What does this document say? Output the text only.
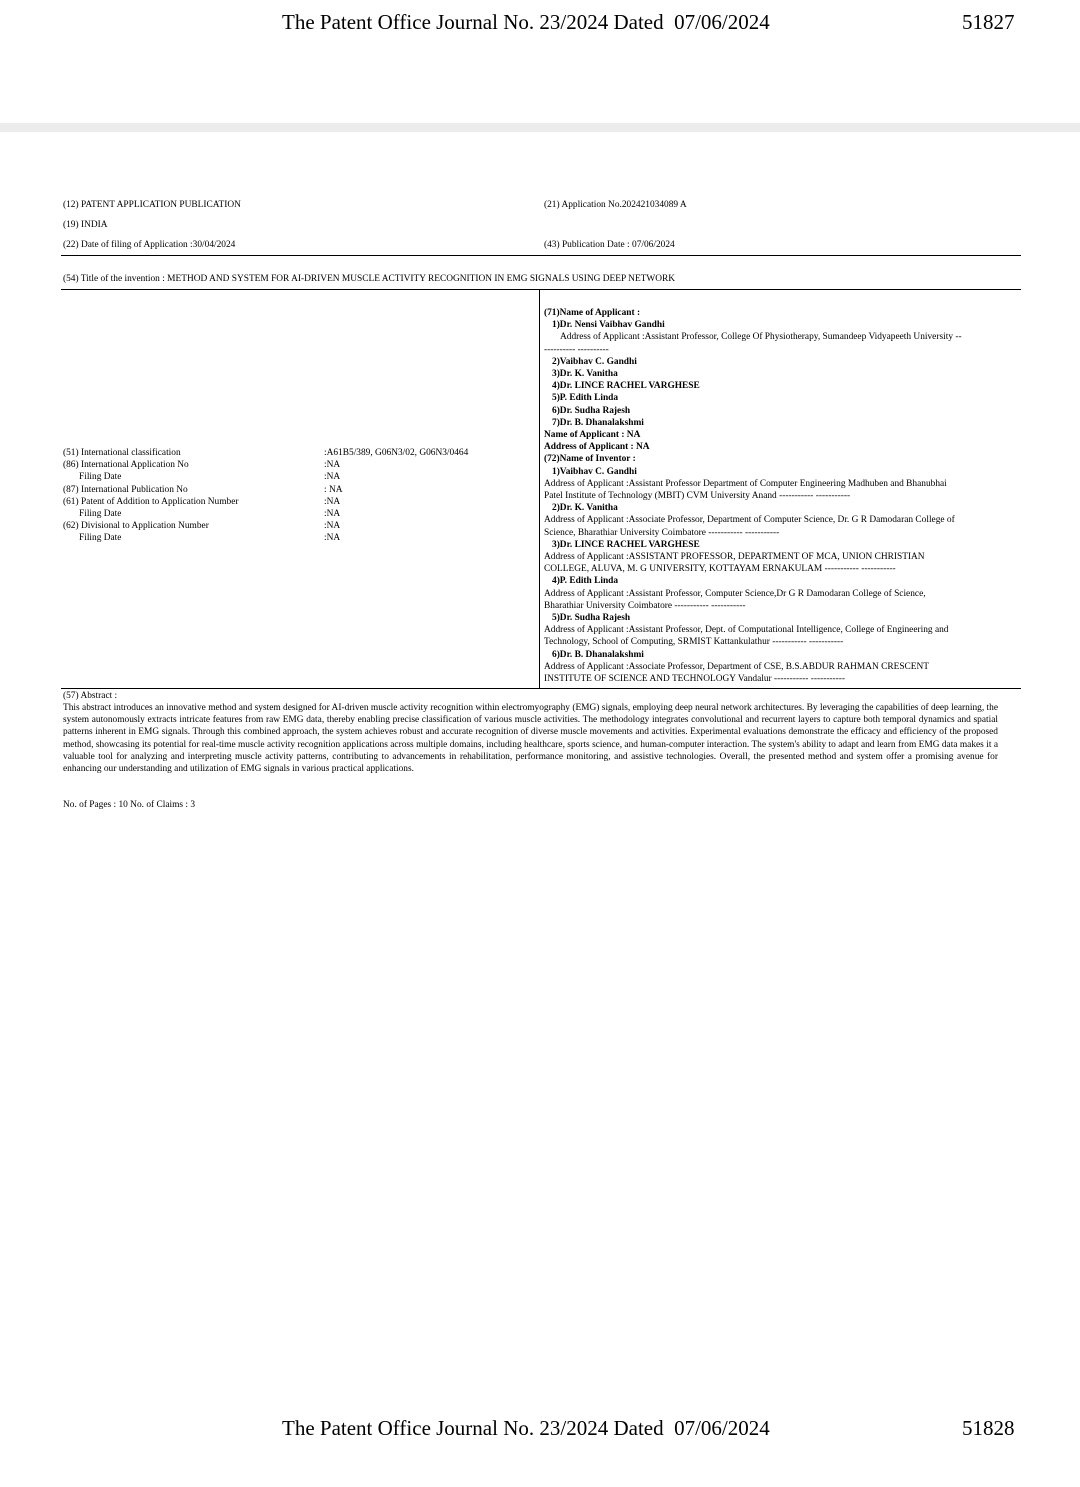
The Patent Office Journal No. 23/2024 Dated  07/06/2024	51827
(12) PATENT APPLICATION PUBLICATION
(19) INDIA
(22) Date of filing of Application :30/04/2024
(21) Application No.202421034089 A
(43) Publication Date : 07/06/2024
(54) Title of the invention : METHOD AND SYSTEM FOR AI-DRIVEN MUSCLE ACTIVITY RECOGNITION IN EMG SIGNALS USING DEEP NETWORK
(51) International classification
(86) International Application No
Filing Date
(87) International Publication No
(61) Patent of Addition to Application Number
Filing Date
(62) Divisional to Application Number
Filing Date
:A61B5/389, G06N3/02, G06N3/0464
:NA
:NA
: NA
:NA
:NA
:NA
:NA
(71)Name of Applicant :
1)Dr. Nensi Vaibhav Gandhi
Address of Applicant :Assistant Professor, College Of Physiotherapy, Sumandeep Vidyapeeth University --
---------- ----------
2)Vaibhav C. Gandhi
3)Dr. K. Vanitha
4)Dr. LINCE RACHEL VARGHESE
5)P. Edith Linda
6)Dr. Sudha Rajesh
7)Dr. B. Dhanalakshmi
Name of Applicant : NA
Address of Applicant : NA
(72)Name of Inventor :
1)Vaibhav C. Gandhi
Address of Applicant :Assistant Professor Department of Computer Engineering Madhuben and Bhanubhai
Patel Institute of Technology (MBIT) CVM University Anand ----------- -----------
2)Dr. K. Vanitha
Address of Applicant :Associate Professor, Department of Computer Science, Dr. G R Damodaran College of
Science, Bharathiar University Coimbatore ----------- -----------
3)Dr. LINCE RACHEL VARGHESE
Address of Applicant :ASSISTANT PROFESSOR, DEPARTMENT OF MCA, UNION CHRISTIAN
COLLEGE, ALUVA, M. G UNIVERSITY, KOTTAYAM ERNAKULAM ----------- -----------
4)P. Edith Linda
Address of Applicant :Assistant Professor, Computer Science,Dr G R Damodaran College of Science,
Bharathiar University Coimbatore ----------- -----------
5)Dr. Sudha Rajesh
Address of Applicant :Assistant Professor, Dept. of Computational Intelligence, College of Engineering and
Technology, School of Computing, SRMIST Kattankulathur ----------- -----------
6)Dr. B. Dhanalakshmi
Address of Applicant :Associate Professor, Department of CSE, B.S.ABDUR RAHMAN CRESCENT
INSTITUTE OF SCIENCE AND TECHNOLOGY Vandalur ----------- -----------
(57) Abstract :
This abstract introduces an innovative method and system designed for AI-driven muscle activity recognition within electromyography (EMG) signals, employing deep neural network architectures. By leveraging the capabilities of deep learning, the system autonomously extracts intricate features from raw EMG data, thereby enabling precise classification of various muscle activities. The methodology integrates convolutional and recurrent layers to capture both temporal dynamics and spatial patterns inherent in EMG signals. Through this combined approach, the system achieves robust and accurate recognition of diverse muscle movements and activities. Experimental evaluations demonstrate the efficacy and efficiency of the proposed method, showcasing its potential for real-time muscle activity recognition applications across multiple domains, including healthcare, sports science, and human-computer interaction. The system's ability to adapt and learn from EMG data makes it a valuable tool for analyzing and interpreting muscle activity patterns, contributing to advancements in rehabilitation, performance monitoring, and assistive technologies. Overall, the presented method and system offer a promising avenue for enhancing our understanding and utilization of EMG signals in various practical applications.
No. of Pages : 10 No. of Claims : 3
The Patent Office Journal No. 23/2024 Dated  07/06/2024	51828
